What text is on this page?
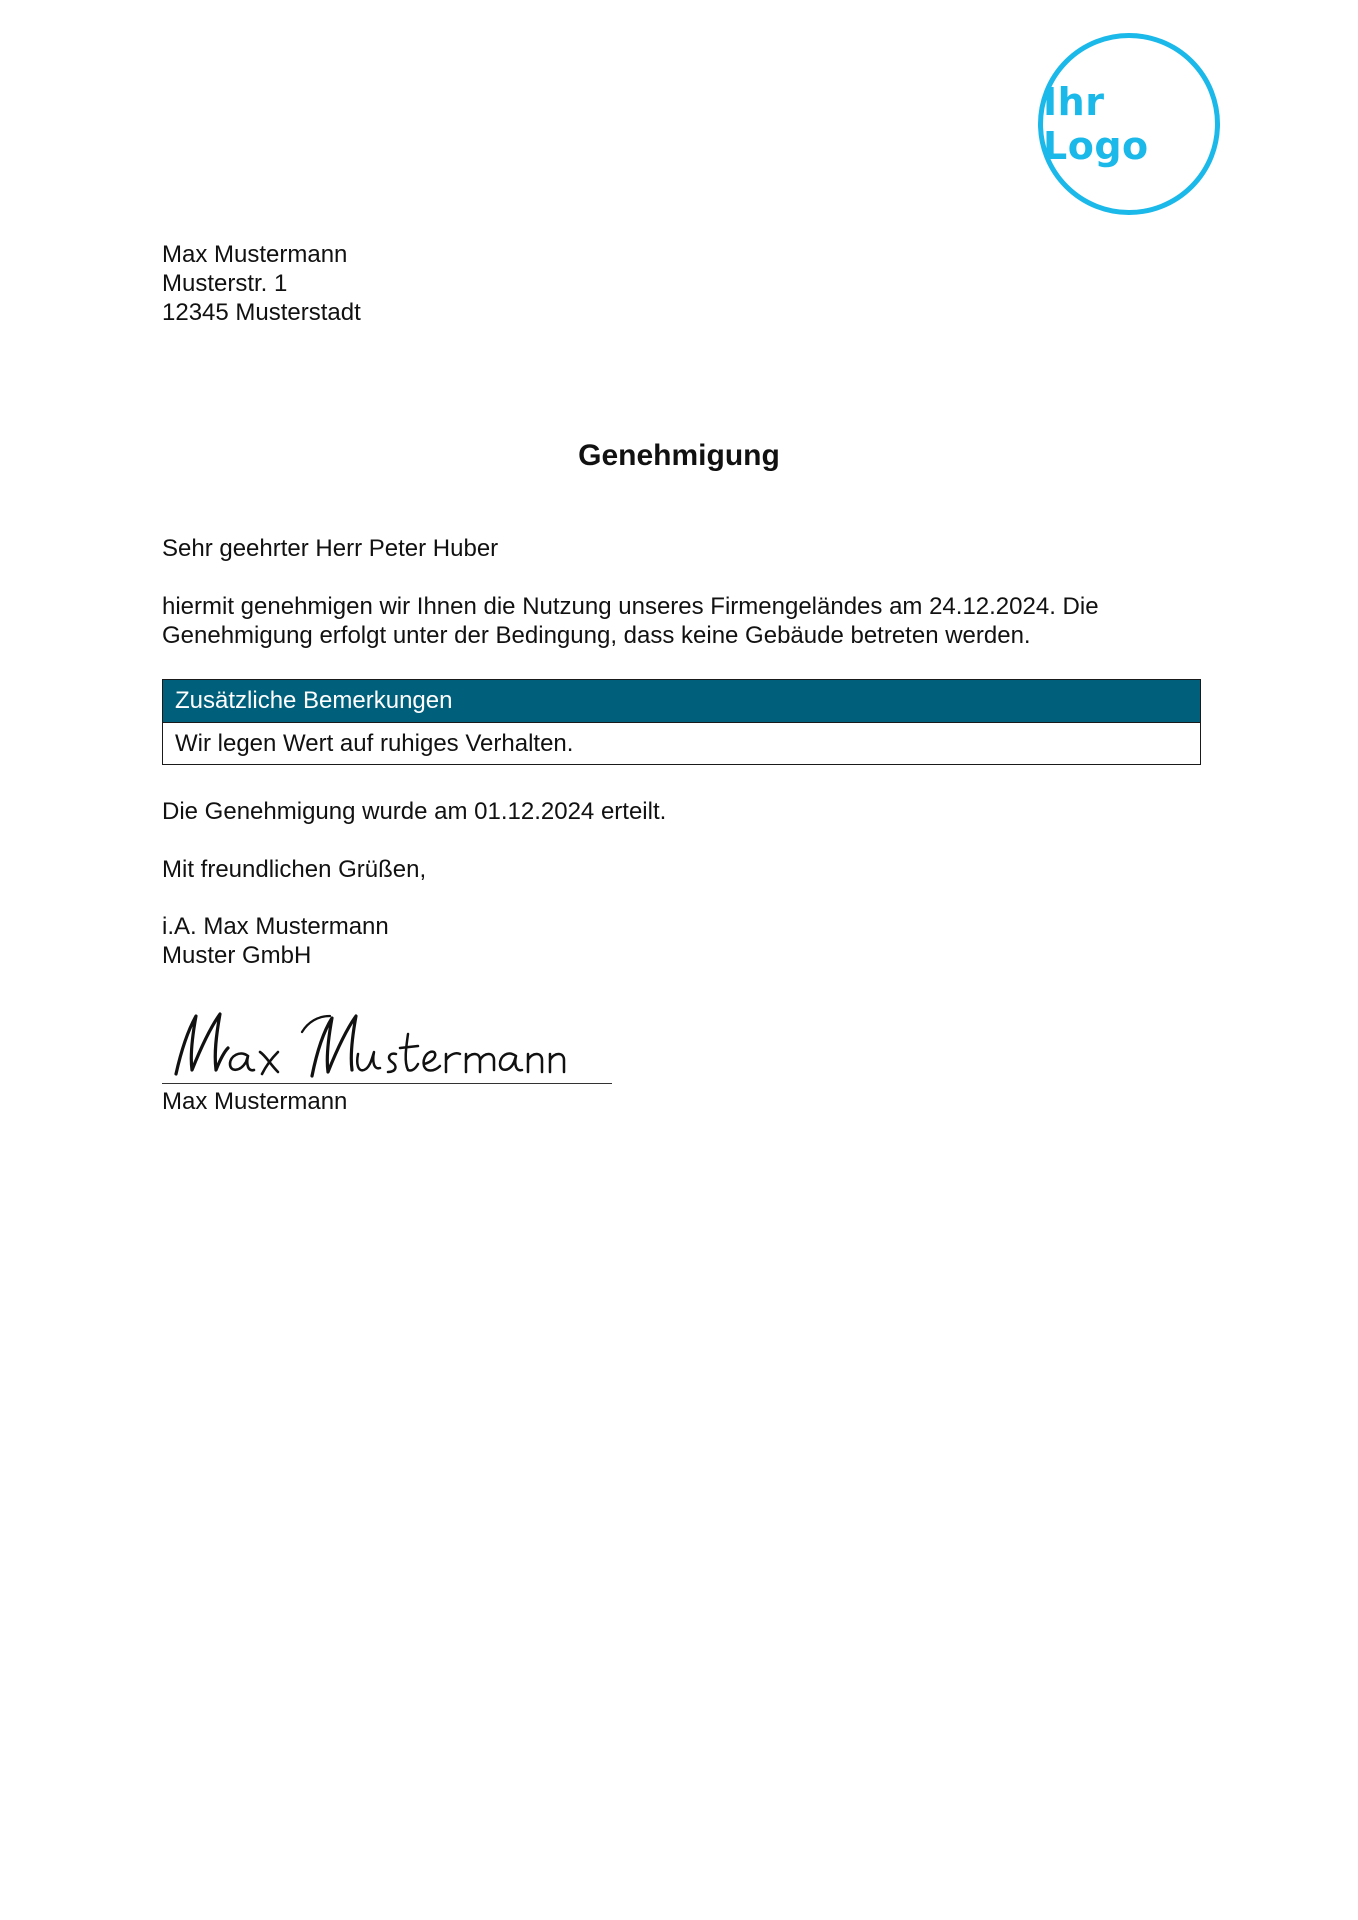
Ihr Logo
Max Mustermann
Musterstr. 1
12345 Musterstadt
Genehmigung
Sehr geehrter Herr Peter Huber
hiermit genehmigen wir Ihnen die Nutzung unseres Firmengeländes am 24.12.2024. Die Genehmigung erfolgt unter der Bedingung, dass keine Gebäude betreten werden.
Zusätzliche Bemerkungen
Wir legen Wert auf ruhiges Verhalten.
Die Genehmigung wurde am 01.12.2024 erteilt.
Mit freundlichen Grüßen,
i.A. Max Mustermann
Muster GmbH
Max Mustermann
